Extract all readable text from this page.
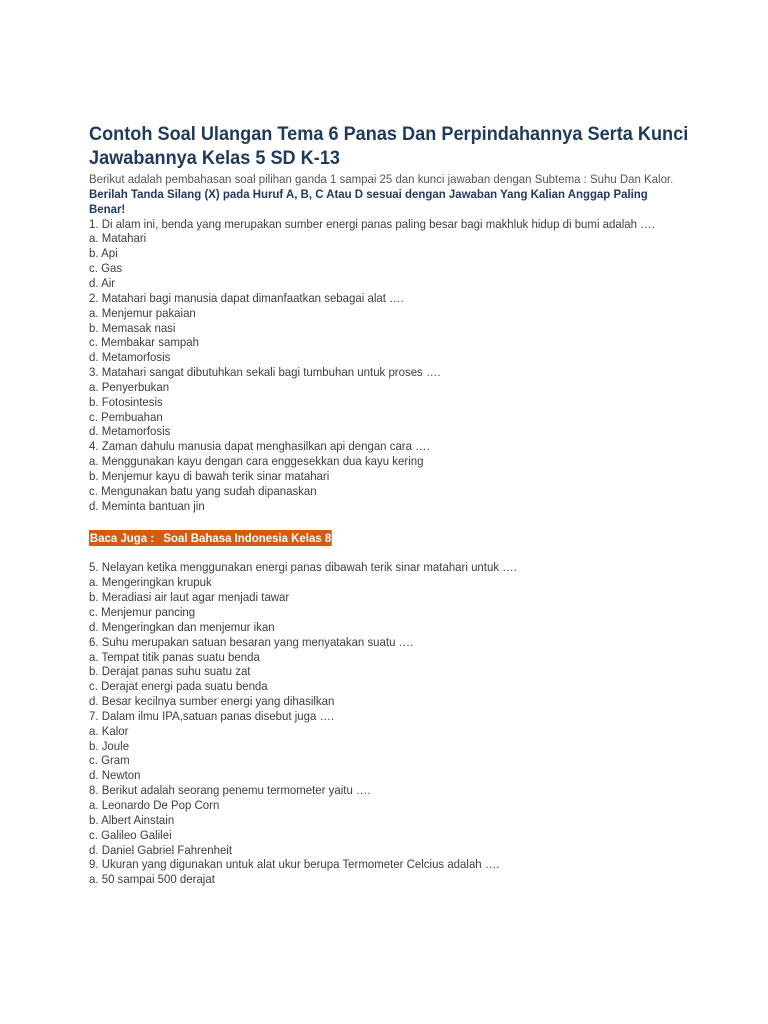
Contoh Soal Ulangan Tema 6 Panas Dan Perpindahannya Serta Kunci Jawabannya Kelas 5 SD K-13
Berikut adalah pembahasan soal pilihan ganda 1 sampai 25 dan kunci jawaban dengan Subtema : Suhu Dan Kalor.
Berilah Tanda Silang (X) pada Huruf A, B, C Atau D sesuai dengan Jawaban Yang Kalian Anggap Paling Benar!
1. Di alam ini, benda yang merupakan sumber energi panas paling besar bagi makhluk hidup di bumi adalah ….
a. Matahari
b. Api
c. Gas
d. Air
2. Matahari bagi manusia dapat dimanfaatkan sebagai alat ….
a. Menjemur pakaian
b. Memasak nasi
c. Membakar sampah
d. Metamorfosis
3. Matahari sangat dibutuhkan sekali bagi tumbuhan untuk proses ….
a. Penyerbukan
b. Fotosintesis
c. Pembuahan
d. Metamorfosis
4. Zaman dahulu manusia dapat menghasilkan api dengan cara ….
a. Menggunakan kayu dengan cara enggesekkan dua kayu kering
b. Menjemur kayu di bawah terik sinar matahari
c. Mengunakan batu yang sudah dipanaskan
d. Meminta bantuan jin
Baca Juga : Soal Bahasa Indonesia Kelas 8
5. Nelayan ketika menggunakan energi panas dibawah terik sinar matahari untuk ….
a. Mengeringkan krupuk
b. Meradiasi air laut agar menjadi tawar
c. Menjemur pancing
d. Mengeringkan dan menjemur ikan
6. Suhu merupakan satuan besaran yang menyatakan suatu ….
a. Tempat titik panas suatu benda
b. Derajat panas suhu suatu zat
c. Derajat energi pada suatu benda
d. Besar kecilnya sumber energi yang dihasilkan
7. Dalam ilmu IPA,satuan panas disebut juga ….
a. Kalor
b. Joule
c. Gram
d. Newton
8. Berikut adalah seorang penemu termometer yaitu ….
a. Leonardo De Pop Corn
b. Albert Ainstain
c. Galileo Galilei
d. Daniel Gabriel Fahrenheit
9. Ukuran yang digunakan untuk alat ukur berupa Termometer Celcius adalah ….
a. 50 sampai 500 derajat
